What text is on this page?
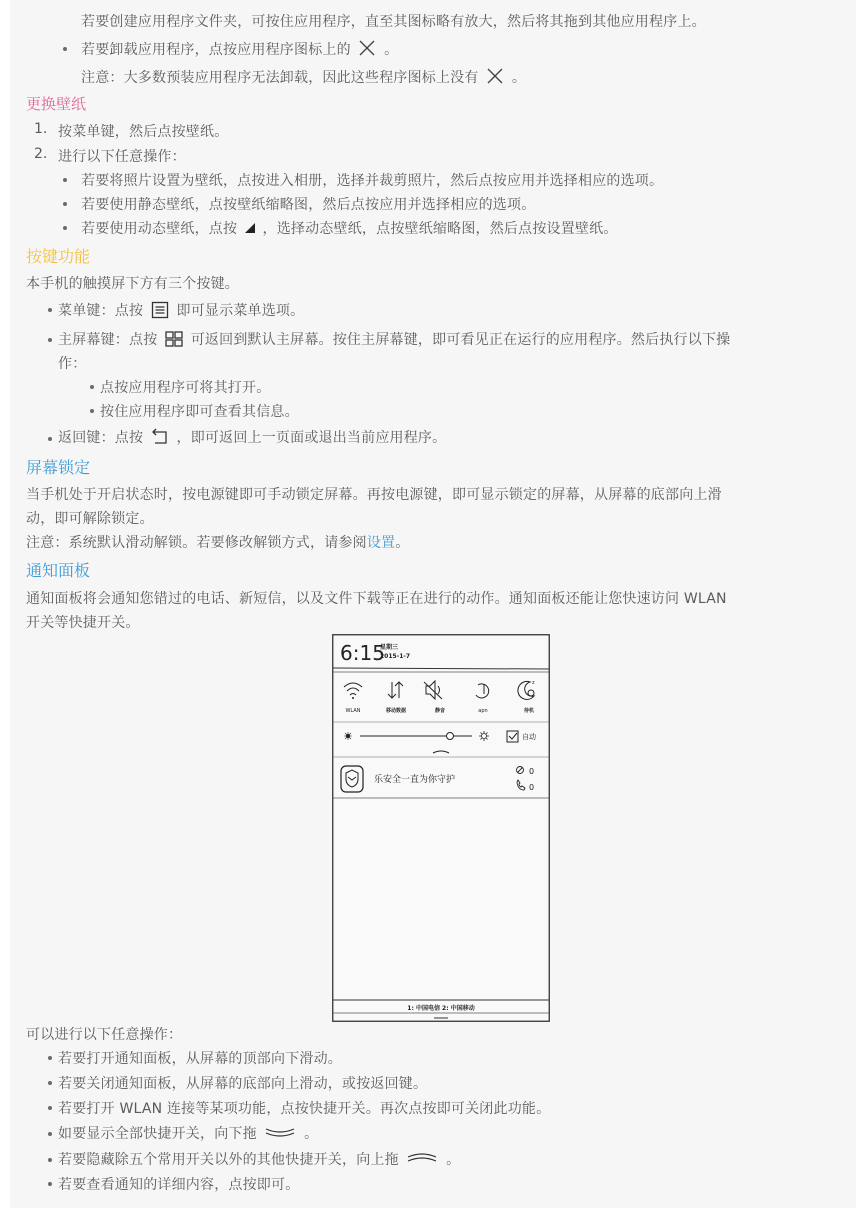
若要创建应用程序文件夹，可按住应用程序，直至其图标略有放大，然后将其拖到其他应用程序上。
若要卸载应用程序，点按应用程序图标上的 。
注意：大多数预装应用程序无法卸载，因此这些程序图标上没有 。
更换壁纸
1. 按菜单键，然后点按壁纸。
2. 进行以下任意操作：
若要将照片设置为壁纸，点按进入相册，选择并裁剪照片，然后点按应用并选择相应的选项。
若要使用静态壁纸，点按壁纸缩略图，然后点按应用并选择相应的选项。
若要使用动态壁纸，点按 ，选择动态壁纸，点按壁纸缩略图，然后点按设置壁纸。
按键功能
本手机的触摸屏下方有三个按键。
菜单键：点按 即可显示菜单选项。
主屏幕键：点按 可返回到默认主屏幕。按住主屏幕键，即可看见正在运行的应用程序。然后执行以下操
作：
点按应用程序可将其打开。
按住应用程序即可查看其信息。
返回键：点按 ，即可返回上一页面或退出当前应用程序。
屏幕锁定
当手机处于开启状态时，按电源键即可手动锁定屏幕。再按电源键，即可显示锁定的屏幕，从屏幕的底部向上滑
动，即可解除锁定。
注意：系统默认滑动解锁。若要修改解锁方式，请参阅设置。
通知面板
通知面板将会通知您错过的电话、新短信，以及文件下载等正在进行的动作。通知面板还能让您快速访问 WLAN
开关等快捷开关。
6:15
星期三
2015-1-7
z
WLAN	移动数据	静音	apn	待机
自动
乐安全一直为你守护
0
0
1: 中国电信 2: 中国移动
可以进行以下任意操作：
若要打开通知面板，从屏幕的顶部向下滑动。
若要关闭通知面板，从屏幕的底部向上滑动，或按返回键。
若要打开 WLAN 连接等某项功能，点按快捷开关。再次点按即可关闭此功能。
如要显示全部快捷开关，向下拖	。
若要隐藏除五个常用开关以外的其他快捷开关，向上拖	。
若要查看通知的详细内容，点按即可。
